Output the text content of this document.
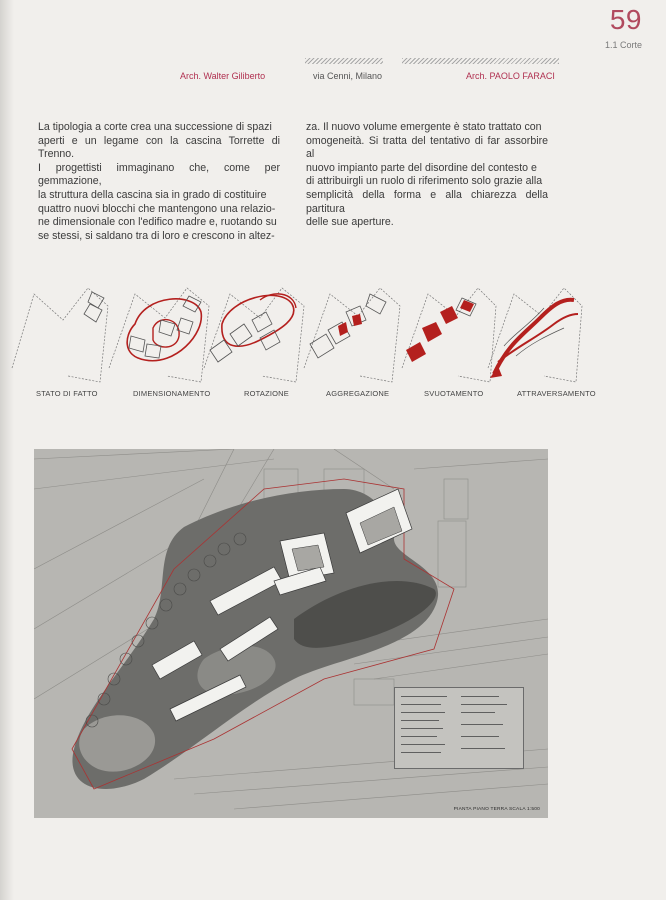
59
1.1 Corte
Arch. Walter Giliberto	via Cenni, Milano	Arch. PAOLO FARACI
La tipologia a corte crea una successione di spazi
aperti e un legame con la cascina Torrette di Trenno.
I progettisti immaginano che, come per gemmazione,
la struttura della cascina sia in grado di costituire
quattro nuovi blocchi che mantengono una relazio-
ne dimensionale con l'edifico madre e, ruotando su
se stessi, si saldano tra di loro e crescono in altez-
za. Il nuovo volume emergente è stato trattato con
omogeneità. Si tratta del tentativo di far assorbire al
nuovo impianto parte del disordine del contesto e
di attribuirgli un ruolo di riferimento solo grazie alla
semplicità della forma e alla chiarezza della partitura
delle sue aperture.
STATO DI FATTO	DIMENSIONAMENTO	ROTAZIONE	AGGREGAZIONE	SVUOTAMENTO	ATTRAVERSAMENTO
PIANTA PIANO TERRA SCALA 1:500
